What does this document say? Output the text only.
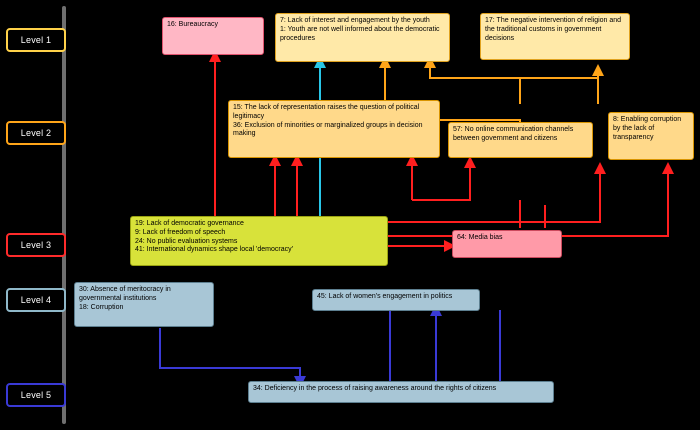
Level 1
Level 2
Level 3
Level 4
Level 5
16: Bureaucracy
7: Lack of interest and engagement by the youth
1: Youth are not well informed about the democratic procedures
17: The negative intervention of religion and the traditional customs in government decisions
15: The lack of representation raises the question of political legitimacy
36: Exclusion of minorities or marginalized groups in decision making
57: No online communication channels between government and citizens
8: Enabling corruption by the lack of transparency
19: Lack of democratic governance
9: Lack of freedom of speech
24: No public evaluation systems
41: International dynamics shape local 'democracy'
64: Media bias
30: Absence of meritocracy in governmental institutions
18: Corruption
45: Lack of women's engagement in politics
34: Deficiency in the process of raising awareness around the rights of citizens
